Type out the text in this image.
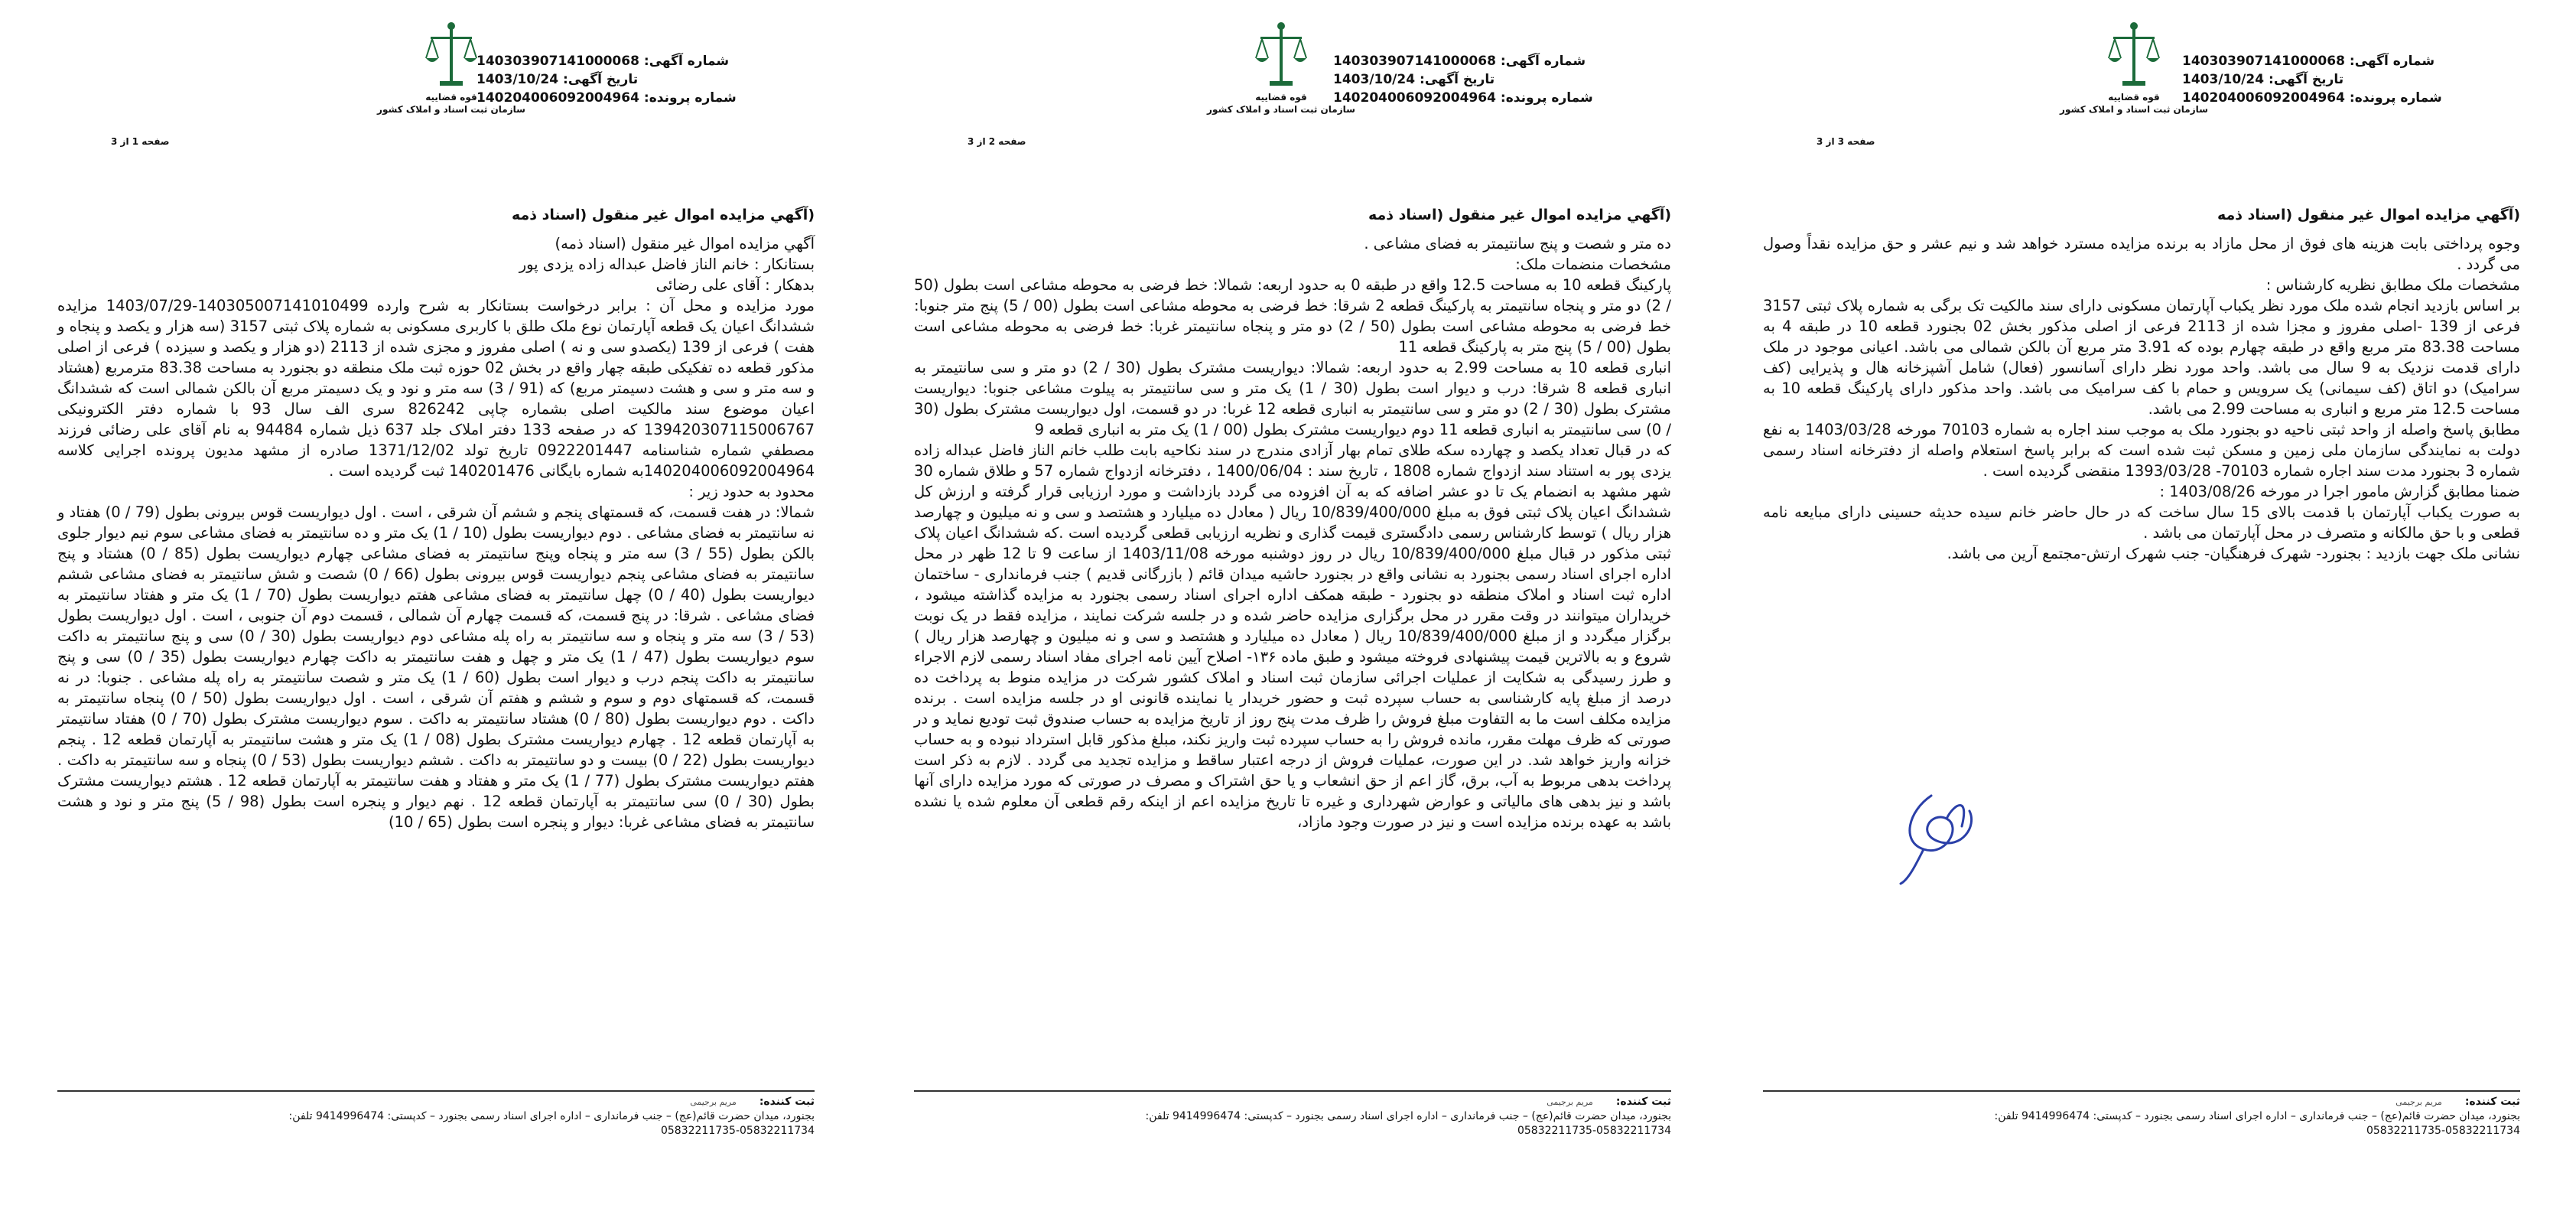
شماره آگهی:
140303907141000068
تاریخ آگهی:
1403/10/24
شماره پرونده:
140204006092004964
قوه قضاییه
سازمان ثبت اسناد و املاک کشور
صفحه 1 از 3
(آگهي مزايده اموال غير منقول (اسناد ذمه

آگهي مزايده اموال غير منقول (اسناد ذمه)

بستانکار : خانم الناز فاضل عبداله زاده یزدی پور

بدهکار : آقای علی رضائی

مورد مزایده و محل آن : برابر درخواست بستانکار به شرح وارده 140305007141010499-1403/07/29 مزايده ششدانگ اعيان يک قطعه آپارتمان نوع ملک طلق با کاربری مسکونی به شماره پلاک ثبتی 3157 (سه هزار و یکصد و پنجاه و هفت ) فرعی از 139 (یکصدو سی و نه ) اصلی مفروز و مجزی شده از 2113 (دو هزار و یکصد و سیزده ) فرعی از اصلی مذکور قطعه ده تفکیکی طبقه چهار واقع در بخش 02 حوزه ثبت ملک منطقه دو بجنورد به مساحت 83.38 مترمربع (هشتاد و سه متر و سی و هشت دسیمتر مربع) که (91 / 3) سه متر و نود و یک دسیمتر مربع آن بالکن شمالی است که ششدانگ اعيان موضوع سند مالکیت اصلی بشماره چاپی 826242 سری الف سال 93 با شماره دفتر الکترونیکی 139420307115006767 که در صفحه 133 دفتر املاک جلد 637 ذيل شماره 94484 به نام آقای علی رضائی فرزند مصطفي شماره شناسنامه 0922201447 تاريخ تولد 1371/12/02 صادره از مشهد مدیون پرونده اجرایی کلاسه 140204006092004964به شماره بایگانی 140201476 ثبت گردیده است .

محدود به حدود زير :

شمالا: در هفت قسمت، که قسمتهای پنجم و ششم آن شرقی ، است . اول دیواریست قوس بیرونی بطول (79 / 0) هفتاد و نه سانتیمتر به فضای مشاعی . دوم دیواریست بطول (10 / 1) یک متر و ده سانتیمتر به فضای مشاعی سوم نیم دیوار جلوی بالکن بطول (55 / 3) سه متر و پنجاه وپنج سانتیمتر به فضای مشاعی چهارم دیواریست بطول (85 / 0) هشتاد و پنج سانتیمتر به فضای مشاعی پنجم دیواریست قوس بیرونی بطول (66 / 0) شصت و شش سانتیمتر به فضای مشاعی ششم دیواریست بطول (40 / 0) چهل سانتیمتر به فضای مشاعی هفتم دیواریست بطول (70 / 1) یک متر و هفتاد سانتیمتر به فضای مشاعی . شرقا: در پنج قسمت، که قسمت چهارم آن شمالی ، قسمت دوم آن جنوبی ، است . اول دیواریست بطول (53 / 3) سه متر و پنجاه و سه سانتیمتر به راه پله مشاعی دوم دیواریست بطول (30 / 0) سی و پنج سانتیمتر به داکت سوم دیواریست بطول (47 / 1) یک متر و چهل و هفت سانتیمتر به داکت چهارم دیواریست بطول (35 / 0) سی و پنج سانتیمتر به داکت پنجم درب و دیوار است بطول (60 / 1) یک متر و شصت سانتیمتر به راه پله مشاعی . جنوبا: در نه قسمت، که قسمتهای دوم و سوم و ششم و هفتم آن شرقی ، است . اول دیواریست بطول (50 / 0) پنجاه سانتیمتر به داکت . دوم دیواریست بطول (80 / 0) هشتاد سانتیمتر به داکت . سوم دیواریست مشترک بطول (70 / 0) هفتاد سانتیمتر به آپارتمان قطعه 12 . چهارم دیواریست مشترک بطول (08 / 1) یک متر و هشت سانتیمتر به آپارتمان قطعه 12 . پنجم دیواریست بطول (22 / 0) بیست و دو سانتیمتر به داکت . ششم دیواریست بطول (53 / 0) پنجاه و سه سانتیمتر به داکت . هفتم دیواریست مشترک بطول (77 / 1) یک متر و هفتاد و هفت سانتیمتر به آپارتمان قطعه 12 . هشتم دیواریست مشترک بطول (30 / 0) سی سانتیمتر به آپارتمان قطعه 12 . نهم دیوار و پنجره است بطول (98 / 5) پنج متر و نود و هشت سانتیمتر به فضای مشاعی غربا: دیوار و پنجره است بطول (65 / 10)

ثبت کننده:مریم برجیمی
بجنورد، میدان حضرت قائم(عج) – جنب فرمانداری – اداره اجرای اسناد رسمی بجنورد – کدپستی: 9414996474 تلفن:
05832211735-05832211734
شماره آگهی:
140303907141000068
تاریخ آگهی:
1403/10/24
شماره پرونده:
140204006092004964
قوه قضاییه
سازمان ثبت اسناد و املاک کشور
صفحه 2 از 3
(آگهي مزايده اموال غير منقول (اسناد ذمه

ده متر و شصت و پنج سانتیمتر به فضای مشاعی .

مشخصات منضمات ملک:

پارکینگ قطعه 10 به مساحت 12.5 واقع در طبقه 0 به حدود اربعه: شمالا: خط فرضی به محوطه مشاعی است بطول (50 / 2) دو متر و پنجاه سانتیمتر به پارکینگ قطعه 2 شرقا: خط فرضی به محوطه مشاعی است بطول (00 / 5) پنج متر جنوبا: خط فرضی به محوطه مشاعی است بطول (50 / 2) دو متر و پنجاه سانتیمتر غربا: خط فرضی به محوطه مشاعی است بطول (00 / 5) پنج متر به پارکینگ قطعه 11

انباری قطعه 10 به مساحت 2.99 به حدود اربعه: شمالا: دیواریست مشترک بطول (30 / 2) دو متر و سی سانتیمتر به انباری قطعه 8 شرقا: درب و دیوار است بطول (30 / 1) یک متر و سی سانتیمتر به پیلوت مشاعی جنوبا: دیواریست مشترک بطول (30 / 2) دو متر و سی سانتیمتر به انباری قطعه 12 غربا: در دو قسمت، اول دیواریست مشترک بطول (30 / 0) سی سانتیمتر به انباری قطعه 11 دوم دیواریست مشترک بطول (00 / 1) یک متر به انباری قطعه 9

که در قبال تعداد یکصد و چهارده سکه طلای تمام بهار آزادی مندرج در سند نکاحیه بابت طلب خانم الناز فاضل عبداله زاده یزدی پور به استناد سند ازدواج شماره 1808 ، تاریخ سند : 1400/06/04 ، دفترخانه ازدواج شماره 57 و طلاق شماره 30 شهر مشهد به انضمام یک تا دو عشر اضافه که به آن افزوده می گردد بازداشت و مورد ارزیابی قرار گرفته و ارزش کل ششدانگ اعیان پلاک ثبتی فوق به مبلغ 10/839/400/000 ریال ( معادل ده میلیارد و هشتصد و سی و نه میلیون و چهارصد هزار ریال ) توسط کارشناس رسمی دادگستری قیمت گذاری و نظریه ارزیابی قطعی گردیده است .که ششدانگ اعیان پلاک ثبتی مذکور در قبال مبلغ 10/839/400/000 ریال در روز دوشنبه مورخه 1403/11/08 از ساعت 9 تا 12 ظهر در محل اداره اجرای اسناد رسمی بجنورد به نشانی واقع در بجنورد حاشیه میدان قائم ( بازرگانی قدیم ) جنب فرمانداری - ساختمان اداره ثبت اسناد و املاک منطقه دو بجنورد - طبقه همکف اداره اجرای اسناد رسمی بجنورد به مزایده گذاشته میشود ، خریداران میتوانند در وقت مقرر در محل برگزاری مزایده حاضر شده و در جلسه شرکت نمایند ، مزایده فقط در یک نوبت برگزار میگردد و از مبلغ 10/839/400/000 ریال ( معادل ده میلیارد و هشتصد و سی و نه میلیون و چهارصد هزار ریال ) شروع و به بالاترین قیمت پیشنهادی فروخته میشود و طبق ماده ۱۳۶- اصلاح آیین نامه اجرای مفاد اسناد رسمی لازم الاجراء و طرز رسیدگی به شکایت از عملیات اجرائی سازمان ثبت اسناد و املاک کشور شرکت در مزایده منوط به پرداخت ده درصد از مبلغ پایه کارشناسی به حساب سپرده ثبت و حضور خریدار یا نماینده قانونی او در جلسه مزایده است . برنده مزایده مکلف است ما به التفاوت مبلغ فروش را ظرف مدت پنج روز از تاریخ مزایده به حساب صندوق ثبت تودیع نماید و در صورتی که ظرف مهلت مقرر، مانده فروش را به حساب سپرده ثبت واریز نکند، مبلغ مذکور قابل استرداد نبوده و به حساب خزانه واریز خواهد شد. در این صورت، عملیات فروش از درجه اعتبار ساقط و مزایده تجدید می گردد . لازم به ذکر است پرداخت بدهی مربوط به آب، برق، گاز اعم از حق انشعاب و یا حق اشتراک و مصرف در صورتی که مورد مزایده دارای آنها باشد و نیز بدهی های مالیاتی و عوارض شهرداری و غیره تا تاریخ مزایده اعم از اینکه رقم قطعی آن معلوم شده یا نشده باشد به عهده برنده مزایده است و نیز در صورت وجود مازاد،

ثبت کننده:مریم برجیمی
بجنورد، میدان حضرت قائم(عج) – جنب فرمانداری – اداره اجرای اسناد رسمی بجنورد – کدپستی: 9414996474 تلفن:
05832211735-05832211734
شماره آگهی:
140303907141000068
تاریخ آگهی:
1403/10/24
شماره پرونده:
140204006092004964
قوه قضاییه
سازمان ثبت اسناد و املاک کشور
صفحه 3 از 3
(آگهي مزايده اموال غير منقول (اسناد ذمه

وجوه پرداختی بابت هزینه های فوق از محل مازاد به برنده مزایده مسترد خواهد شد و نیم عشر و حق مزایده نقداً وصول می گردد .

مشخصات ملک مطابق نظریه کارشناس :

بر اساس بازدید انجام شده ملک مورد نظر یکباب آپارتمان مسکونی دارای سند مالکیت تک برگی به شماره پلاک ثبتی 3157 فرعی از 139 -اصلی مفروز و مجزا شده از 2113 فرعی از اصلی مذکور بخش 02 بجنورد قطعه 10 در طبقه 4 به مساحت 83.38 متر مربع واقع در طبقه چهارم بوده که 3.91 متر مربع آن بالکن شمالی می باشد. اعیانی موجود در ملک دارای قدمت نزدیک به 9 سال می باشد. واحد مورد نظر دارای آسانسور (فعال) شامل آشپزخانه هال و پذیرایی (کف سرامیک) دو اتاق (کف سیمانی) یک سرویس و حمام با کف سرامیک می باشد. واحد مذکور دارای پارکینگ قطعه 10 به مساحت 12.5 متر مربع و انباری به مساحت 2.99 می باشد.

مطابق پاسخ واصله از واحد ثبتی ناحیه دو بجنورد ملک به موجب سند اجاره به شماره 70103 مورخه 1403/03/28 به نفع دولت به نمایندگی سازمان ملی زمین و مسکن ثبت شده است که برابر پاسخ استعلام واصله از دفترخانه اسناد رسمی شماره 3 بجنورد مدت سند اجاره شماره 70103- 1393/03/28 منقضی گردیده است .

ضمنا مطابق گزارش مامور اجرا در مورخه 1403/08/26 :

به صورت یکباب آپارتمان با قدمت بالای 15 سال ساخت که در حال حاضر خانم سیده حدیثه حسینی دارای مبایعه نامه قطعی و با حق مالکانه و متصرف در محل آپارتمان می باشد .

نشانی ملک جهت بازدید : بجنورد- شهرک فرهنگیان- جنب شهرک ارتش-مجتمع آرین می باشد.

ثبت کننده:مریم برجیمی
بجنورد، میدان حضرت قائم(عج) – جنب فرمانداری – اداره اجرای اسناد رسمی بجنورد – کدپستی: 9414996474 تلفن:
05832211735-05832211734
